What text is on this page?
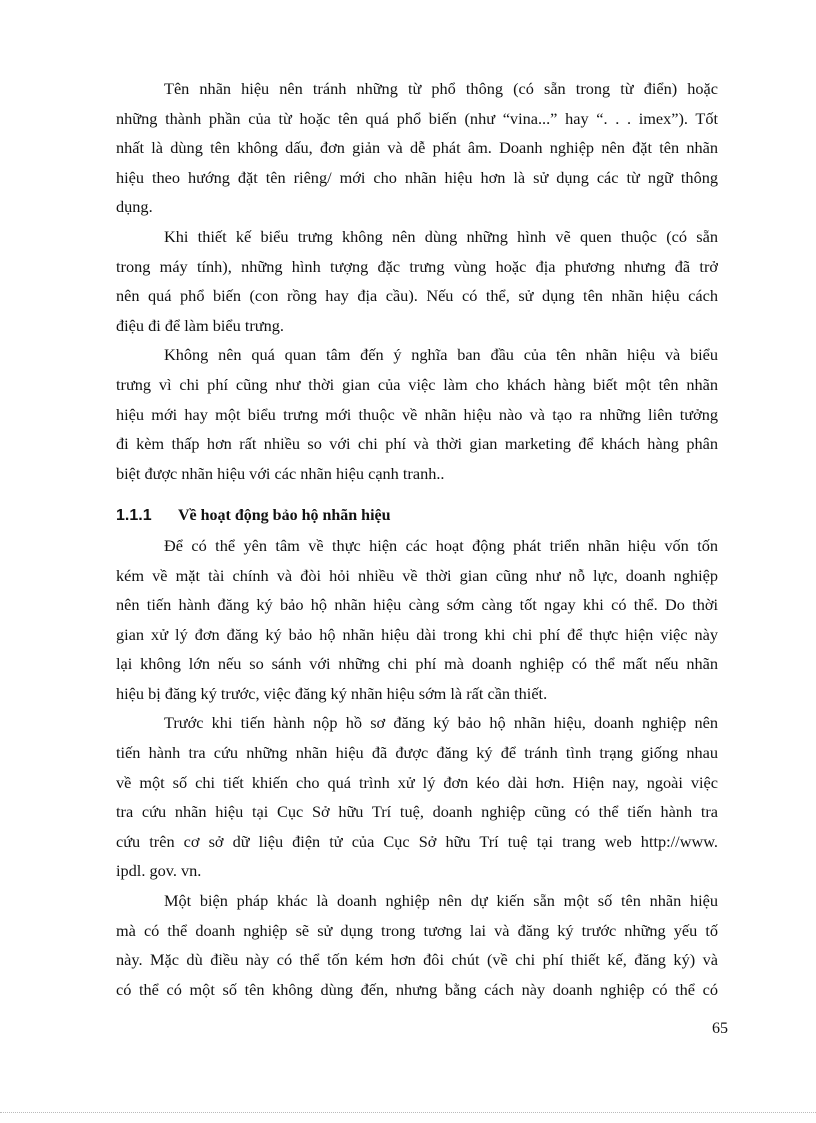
Tên nhãn hiệu nên tránh những từ phổ thông (có sẵn trong từ điển) hoặc
những thành phần của từ hoặc tên quá phổ biến (như “vina...” hay “. . . imex”). Tốt
nhất là dùng tên không dấu, đơn giản và dễ phát âm. Doanh nghiệp nên đặt tên nhãn
hiệu theo hướng đặt tên riêng/ mới cho nhãn hiệu hơn là sử dụng các từ ngữ thông
dụng.
Khi thiết kế biểu trưng không nên dùng những hình vẽ quen thuộc (có sẵn
trong máy tính), những hình tượng đặc trưng vùng hoặc địa phương nhưng đã trở
nên quá phổ biến (con rồng hay địa cầu). Nếu có thể, sử dụng tên nhãn hiệu cách
điệu đi để làm biểu trưng.
Không nên quá quan tâm đến ý nghĩa ban đầu của tên nhãn hiệu và biểu
trưng vì chi phí cũng như thời gian của việc làm cho khách hàng biết một tên nhãn
hiệu mới hay một biểu trưng mới thuộc về nhãn hiệu nào và tạo ra những liên tưởng
đi kèm thấp hơn rất nhiều so với chi phí và thời gian marketing để khách hàng phân
biệt được nhãn hiệu với các nhãn hiệu cạnh tranh..
1.1.1	Về hoạt động bảo hộ nhãn hiệu
Để có thể yên tâm về thực hiện các hoạt động phát triển nhãn hiệu vốn tốn
kém về mặt tài chính và đòi hỏi nhiều về thời gian cũng như nỗ lực, doanh nghiệp
nên tiến hành đăng ký bảo hộ nhãn hiệu càng sớm càng tốt ngay khi có thể. Do thời
gian xử lý đơn đăng ký bảo hộ nhãn hiệu dài trong khi chi phí để thực hiện việc này
lại không lớn nếu so sánh với những chi phí mà doanh nghiệp có thể mất nếu nhãn
hiệu bị đăng ký trước, việc đăng ký nhãn hiệu sớm là rất cần thiết.
Trước khi tiến hành nộp hồ sơ đăng ký bảo hộ nhãn hiệu, doanh nghiệp nên
tiến hành tra cứu những nhãn hiệu đã được đăng ký để tránh tình trạng giống nhau
về một số chi tiết khiến cho quá trình xử lý đơn kéo dài hơn. Hiện nay, ngoài việc
tra cứu nhãn hiệu tại Cục Sở hữu Trí tuệ, doanh nghiệp cũng có thể tiến hành tra
cứu trên cơ sở dữ liệu điện tử của Cục Sở hữu Trí tuệ tại trang web http://www.
ipdl. gov. vn.
Một biện pháp khác là doanh nghiệp nên dự kiến sẵn một số tên nhãn hiệu
mà có thể doanh nghiệp sẽ sử dụng trong tương lai và đăng ký trước những yếu tố
này. Mặc dù điều này có thể tốn kém hơn đôi chút (về chi phí thiết kế, đăng ký) và
có thể có một số tên không dùng đến, nhưng bằng cách này doanh nghiệp có thể có
65
